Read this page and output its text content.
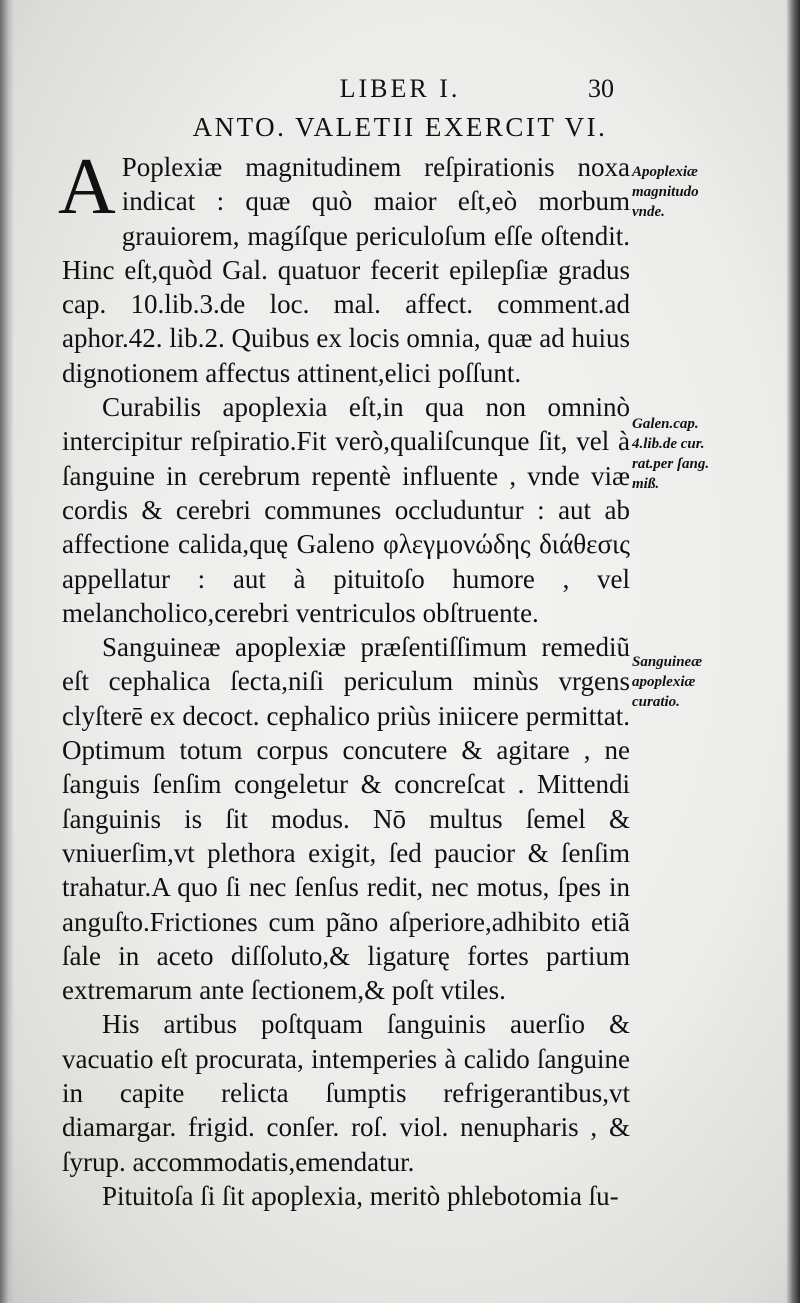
LIBER I.	30
ANTO. VALETII EXERCIT VI.

A Poplexiæ magnitudinem reſpirationis noxa indicat : quæ quò maior eſt,eò morbum grauiorem, magíſque periculoſum eſſe oſtendit. Hinc eſt,quòd Gal. quatuor fecerit epilepſiæ gradus cap. 10.lib.3.de loc. mal. affect. comment.ad aphor.42. lib.2. Quibus ex locis omnia, quæ ad huius dignotionem affectus attinent,elici poſſunt.

Curabilis apoplexia eſt,in qua non omninò intercipitur reſpiratio.Fit verò,qualiſcunque ſit, vel à ſanguine in cerebrum repentè influente , vnde viæ cordis & cerebri communes occluduntur : aut ab affectione calida,quę Galeno φλεγμονώδης διάθεσις appellatur : aut à pituitoſo humore , vel melancholico,cerebri ventriculos obſtruente.

Sanguineæ apoplexiæ præſentiſſimum remediũ eſt cephalica ſecta,niſi periculum minùs vrgens clyſterē ex decoct. cephalico priùs iniicere permittat. Optimum totum corpus concutere & agitare , ne ſanguis ſenſim congeletur & concreſcat . Mittendi ſanguinis is ſit modus. Nō multus ſemel & vniuerſim,vt plethora exigit, ſed paucior & ſenſim trahatur.A quo ſi nec ſenſus redit, nec motus, ſpes in anguſto.Frictiones cum pãno aſperiore,adhibito etiã ſale in aceto diſſoluto,& ligaturę fortes partium extremarum ante ſectionem,& poſt vtiles.

His artibus poſtquam ſanguinis auerſio & vacuatio eſt procurata, intemperies à calido ſanguine in capite relicta ſumptis refrigerantibus,vt diamargar. frigid. conſer. roſ. viol. nenupharis , & ſyrup. accommodatis,emendatur.

Pituitoſa ſi ſit apoplexia, meritò phlebotomia ſu-

Apoplexiæ
magnitudo
vnde.
Galen.cap.
4.lib.de cur.
rat.per ſang.
miß.
Sanguineæ
apoplexiæ
curatio.
